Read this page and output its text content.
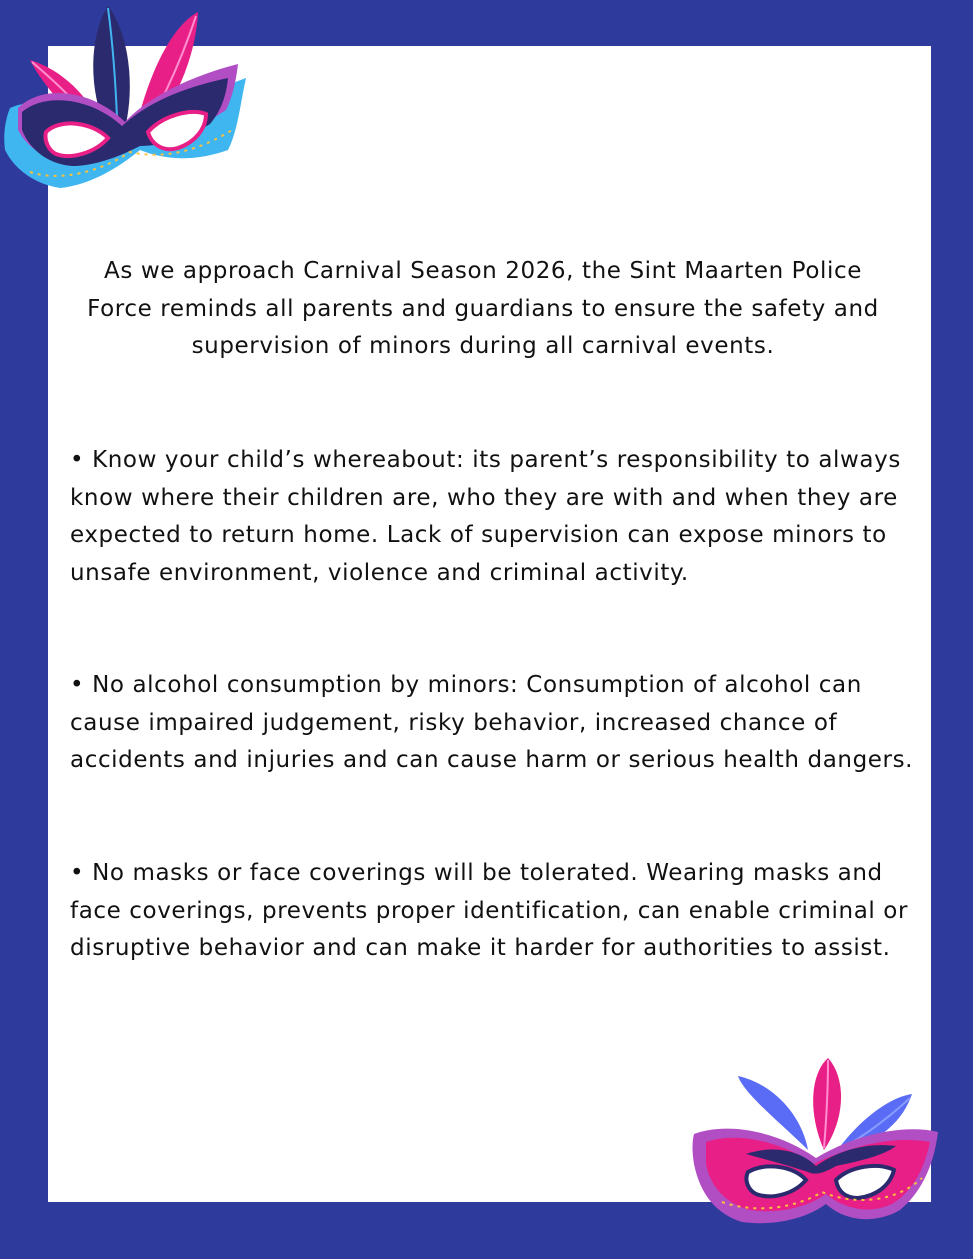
As we approach Carnival Season 2026, the Sint Maarten Police Force reminds all parents and guardians to ensure the safety and supervision of minors during all carnival events.

• Know your child’s whereabout: its parent’s responsibility to always know where their children are, who they are with and when they are expected to return home. Lack of supervision can expose minors to unsafe environment, violence and criminal activity.

• No alcohol consumption by minors: Consumption of alcohol can cause impaired judgement, risky behavior, increased chance of accidents and injuries and can cause harm or serious health dangers.

• No masks or face coverings will be tolerated. Wearing masks and face coverings, prevents proper identification, can enable criminal or disruptive behavior and can make it harder for authorities to assist.
